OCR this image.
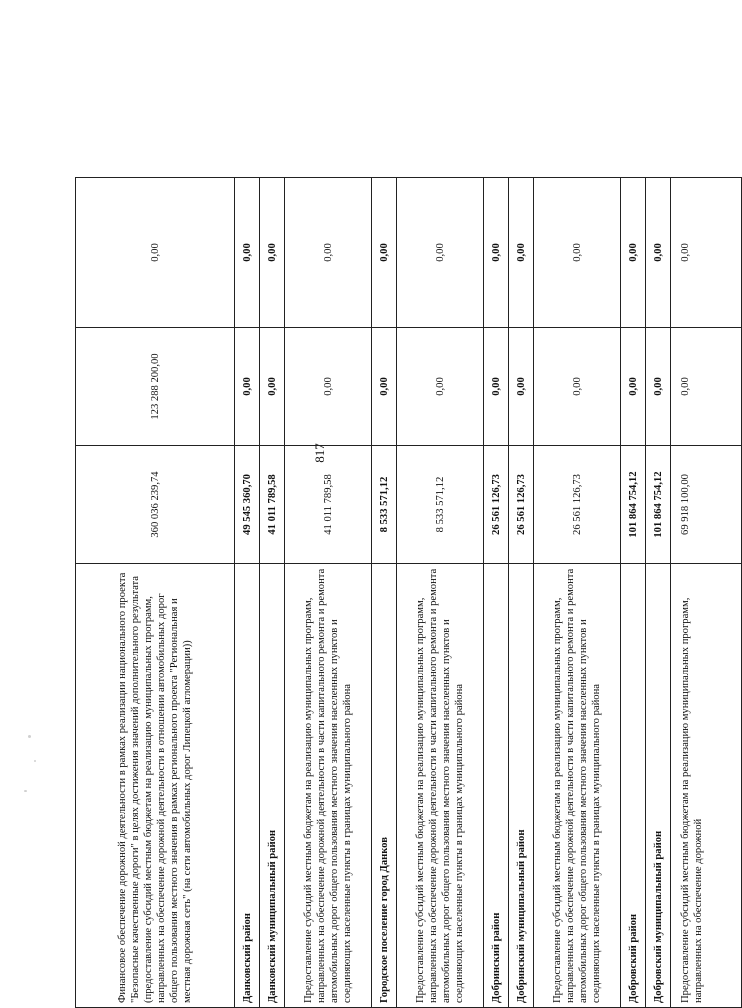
817
Финансовое обеспечение дорожной деятельности в рамках реализации национального проекта "Безопасные качественные дороги" в целях достижения значений дополнительного результата (предоставление субсидий местным бюджетам на реализацию муниципальных программ, направленных на обеспечение дорожной деятельности в отношении автомобильных дорог общего пользования местного значения в рамках регионального проекта "Региональная и местная дорожная сеть" (на сети автомобильных дорог Липецкой агломерации))	360 036 239,74	123 288 200,00	0,00
Данковский район	49 545 360,70	0,00	0,00
Данковский муниципальный район	41 011 789,58	0,00	0,00
Предоставление субсидий местным бюджетам на реализацию муниципальных программ, направленных на обеспечение дорожной деятельности в части капитального ремонта и ремонта автомобильных дорог общего пользования местного значения населенных пунктов и соединяющих населенные пункты в границах муниципального района	41 011 789,58	0,00	0,00
Городское поселение город Данков	8 533 571,12	0,00	0,00
Предоставление субсидий местным бюджетам на реализацию муниципальных программ, направленных на обеспечение дорожной деятельности в части капитального ремонта и ремонта автомобильных дорог общего пользования местного значения населенных пунктов и соединяющих населенные пункты в границах муниципального района	8 533 571,12	0,00	0,00
Добринский район	26 561 126,73	0,00	0,00
Добринский муниципальный район	26 561 126,73	0,00	0,00
Предоставление субсидий местным бюджетам на реализацию муниципальных программ, направленных на обеспечение дорожной деятельности в части капитального ремонта и ремонта автомобильных дорог общего пользования местного значения населенных пунктов и соединяющих населенные пункты в границах муниципального района	26 561 126,73	0,00	0,00
Добровский район	101 864 754,12	0,00	0,00
Добровский муниципальный район	101 864 754,12	0,00	0,00
Предоставление субсидий местным бюджетам на реализацию муниципальных программ, направленных на обеспечение дорожной	69 918 100,00	0,00	0,00
